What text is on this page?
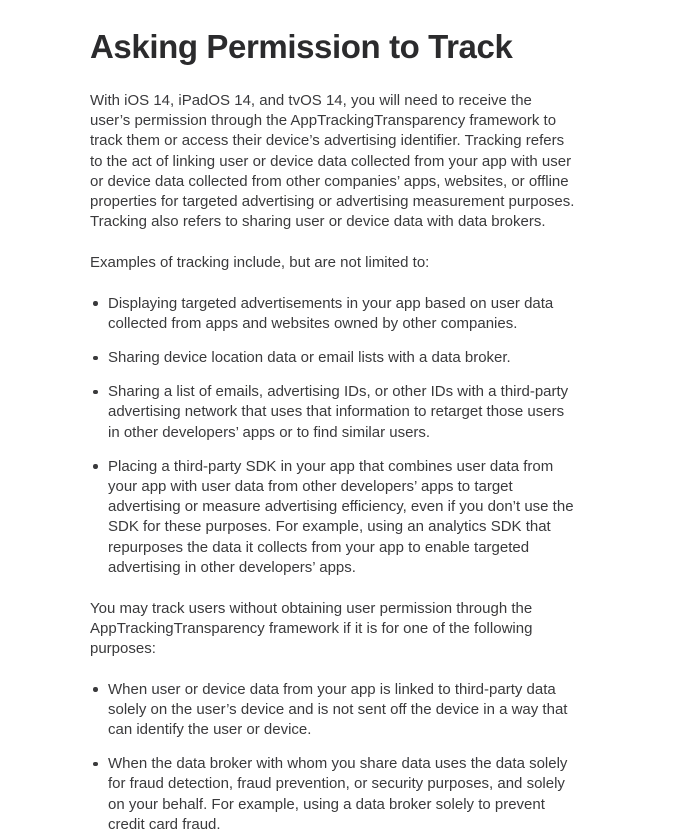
Asking Permission to Track

With iOS 14, iPadOS 14, and tvOS 14, you will need to receive the user’s permission through the AppTrackingTransparency framework to track them or access their device’s advertising identifier. Tracking refers to the act of linking user or device data collected from your app with user or device data collected from other companies’ apps, websites, or offline properties for targeted advertising or advertising measurement purposes. Tracking also refers to sharing user or device data with data brokers.

Examples of tracking include, but are not limited to:

Displaying targeted advertisements in your app based on user data collected from apps and websites owned by other companies.
Sharing device location data or email lists with a data broker.
Sharing a list of emails, advertising IDs, or other IDs with a third-party advertising network that uses that information to retarget those users in other developers’ apps or to find similar users.
Placing a third-party SDK in your app that combines user data from your app with user data from other developers’ apps to target advertising or measure advertising efficiency, even if you don’t use the SDK for these purposes. For example, using an analytics SDK that repurposes the data it collects from your app to enable targeted advertising in other developers’ apps.

You may track users without obtaining user permission through the AppTrackingTransparency framework if it is for one of the following purposes:

When user or device data from your app is linked to third-party data solely on the user’s device and is not sent off the device in a way that can identify the user or device.
When the data broker with whom you share data uses the data solely for fraud detection, fraud prevention, or security purposes, and solely on your behalf. For example, using a data broker solely to prevent credit card fraud.
